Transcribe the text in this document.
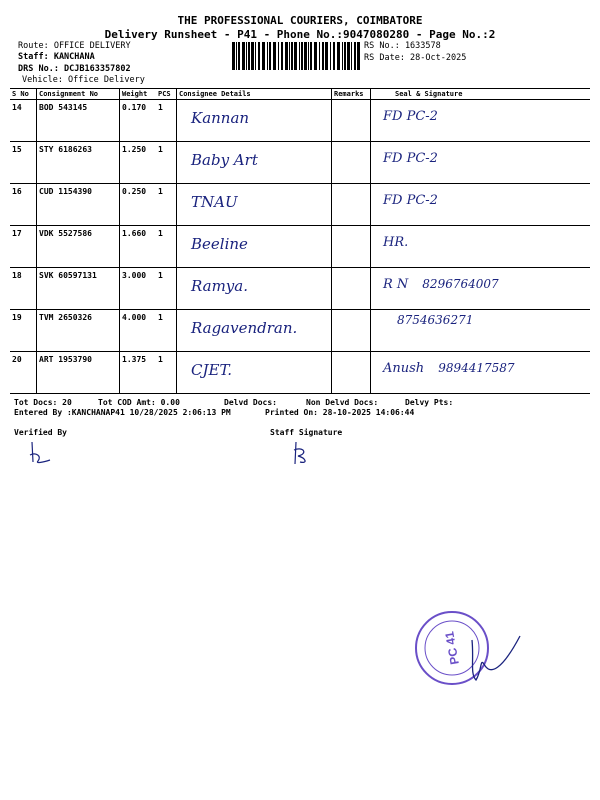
THE PROFESSIONAL COURIERS, COIMBATORE
Delivery Runsheet - P41 - Phone No.:9047080280 - Page No.:2
Route: OFFICE DELIVERY
Staff: KANCHANA
DRS No.: DCJB163357802
Vehicle: Office Delivery
RS No.: 1633578
RS Date: 28-Oct-2025
S No	Consignment No	Weight	PCS	Consignee Details	Remarks	Seal & Signature
14	BOD 543145	0.170	1	Kannan		FD PC-2
15	STY 6186263	1.250	1	Baby Art		FD PC-2
16	CUD 1154390	0.250	1	TNAU		FD PC-2
17	VDK 5527586	1.660	1	Beeline		HR.
18	SVK 60597131	3.000	1	Ramya.		R N 8296764007
19	TVM 2650326	4.000	1	Ragavendran.		8754636271
20	ART 1953790	1.375	1	CJET.		Anush 9894417587
Tot Docs: 20	Tot COD Amt: 0.00	Delvd Docs:	Non Delvd Docs:	Delvy Pts:
Entered By :KANCHANAP41 10/28/2025 2:06:13 PM	Printed On: 28-10-2025 14:06:44
Verified By	Staff Signature
PC 41
